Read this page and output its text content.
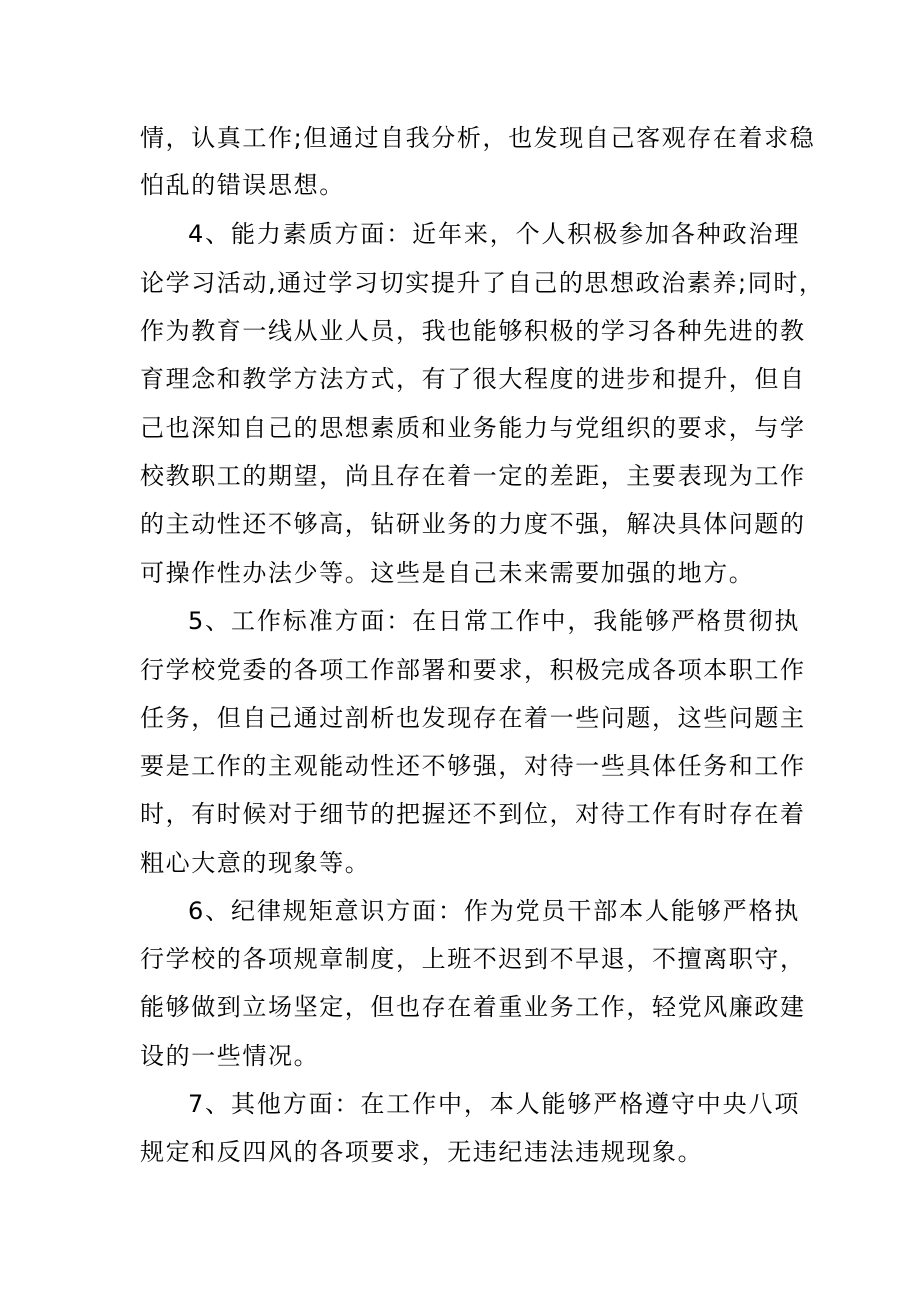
情，认真工作;但通过自我分析，也发现自己客观存在着求稳
怕乱的错误思想。
4、能力素质方面：近年来，个人积极参加各种政治理
论学习活动,通过学习切实提升了自己的思想政治素养;同时，
作为教育一线从业人员，我也能够积极的学习各种先进的教
育理念和教学方法方式，有了很大程度的进步和提升，但自
己也深知自己的思想素质和业务能力与党组织的要求，与学
校教职工的期望，尚且存在着一定的差距，主要表现为工作
的主动性还不够高，钻研业务的力度不强，解决具体问题的
可操作性办法少等。这些是自己未来需要加强的地方。
5、工作标准方面：在日常工作中，我能够严格贯彻执
行学校党委的各项工作部署和要求，积极完成各项本职工作
任务，但自己通过剖析也发现存在着一些问题，这些问题主
要是工作的主观能动性还不够强，对待一些具体任务和工作
时，有时候对于细节的把握还不到位，对待工作有时存在着
粗心大意的现象等。
6、纪律规矩意识方面：作为党员干部本人能够严格执
行学校的各项规章制度，上班不迟到不早退，不擅离职守，
能够做到立场坚定，但也存在着重业务工作，轻党风廉政建
设的一些情况。
7、其他方面：在工作中，本人能够严格遵守中央八项
规定和反四风的各项要求，无违纪违法违规现象。
